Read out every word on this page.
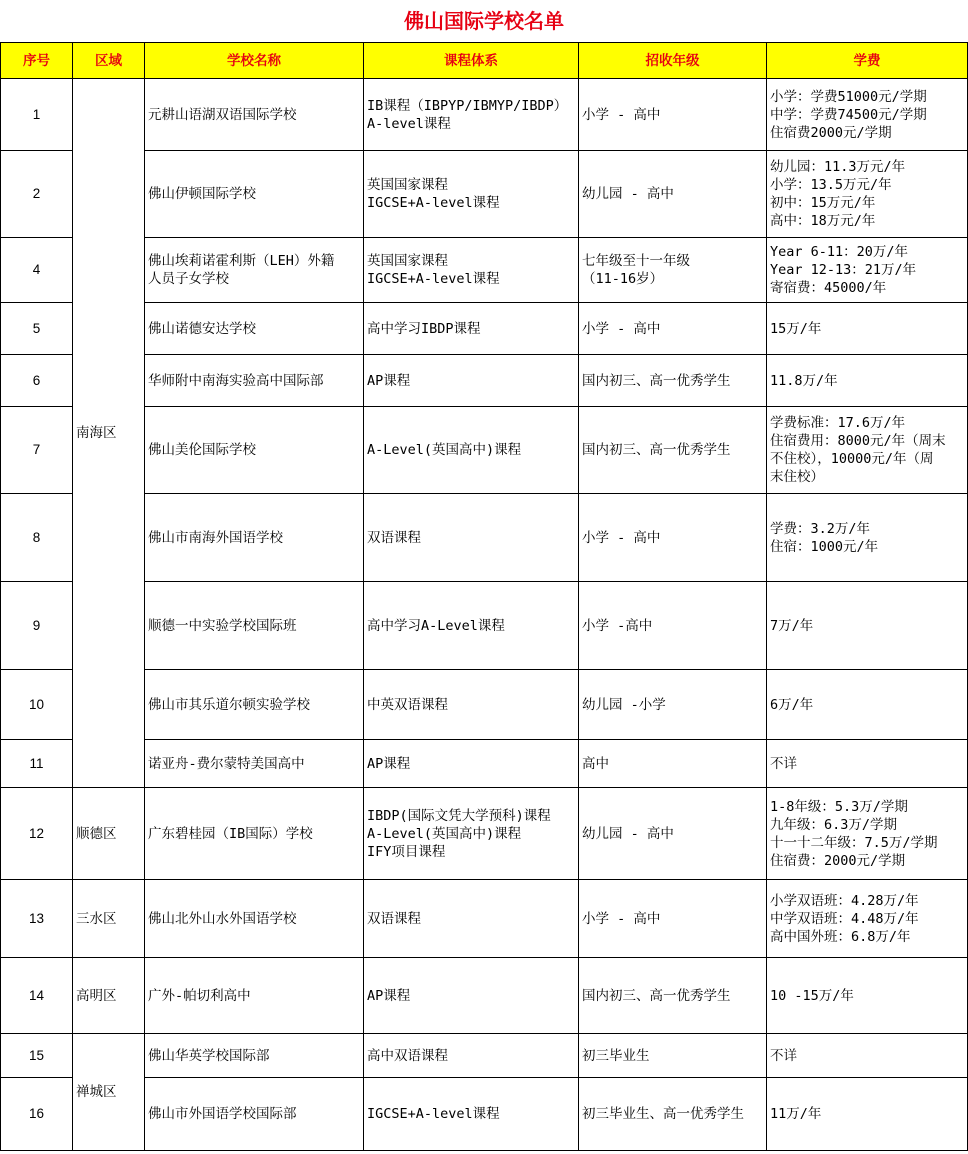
佛山国际学校名单
序号	区域	学校名称	课程体系	招收年级	学费
1	南海区	元耕山语湖双语国际学校	IB课程（IBPYP/IBMYP/IBDP）
A-level课程	小学 - 高中	小学：学费51000元/学期
中学：学费74500元/学期
住宿费2000元/学期

2		佛山伊顿国际学校	英国国家课程
IGCSE+A-level课程	幼儿园 - 高中	幼儿园：11.3万元/年
小学：13.5万元/年
初中：15万元/年
高中：18万元/年

4		佛山埃莉诺霍利斯（LEH）外籍
人员子女学校	英国国家课程
IGCSE+A-level课程	七年级至十一年级
（11-16岁）	Year 6-11：20万/年
Year 12-13：21万/年
寄宿费：45000/年

5		佛山诺德安达学校	高中学习IBDP课程	小学 - 高中	15万/年

6		华师附中南海实验高中国际部	AP课程	国内初三、高一优秀学生	11.8万/年

7		佛山美伦国际学校	A-Level(英国高中)课程	国内初三、高一优秀学生	学费标准：17.6万/年
住宿费用：8000元/年（周末
不住校），10000元/年（周
末住校）

8		佛山市南海外国语学校	双语课程	小学 - 高中	学费：3.2万/年
住宿：1000元/年

9		顺德一中实验学校国际班	高中学习A-Level课程	小学 -高中	7万/年

10		佛山市其乐道尔顿实验学校	中英双语课程	幼儿园 -小学	6万/年

11		诺亚舟-费尔蒙特美国高中	AP课程	高中	不详

12	顺德区	广东碧桂园（IB国际）学校	IBDP(国际文凭大学预科)课程
A-Level(英国高中)课程
IFY项目课程	幼儿园 - 高中	1-8年级：5.3万/学期
九年级：6.3万/学期
十一十二年级：7.5万/学期
住宿费：2000元/学期

13	三水区	佛山北外山水外国语学校	双语课程	小学 - 高中	小学双语班：4.28万/年
中学双语班：4.48万/年
高中国外班：6.8万/年

14	高明区	广外-帕切利高中	AP课程	国内初三、高一优秀学生	10 -15万/年

15	禅城区	佛山华英学校国际部	高中双语课程	初三毕业生	不详

16		佛山市外国语学校国际部	IGCSE+A-level课程	初三毕业生、高一优秀学生	11万/年
